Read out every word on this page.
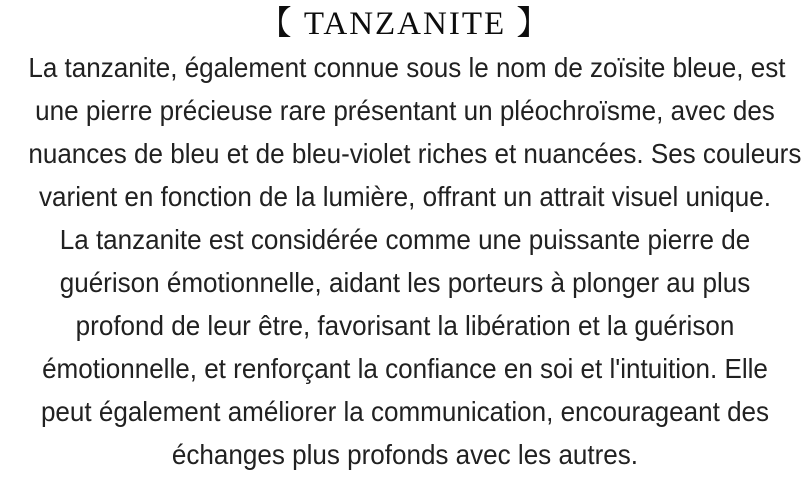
【 TANZANITE 】
La tanzanite, également connue sous le nom de zoïsite bleue, est
une pierre précieuse rare présentant un pléochroïsme, avec des
nuances de bleu et de bleu-violet riches et nuancées. Ses couleurs
varient en fonction de la lumière, offrant un attrait visuel unique.
La tanzanite est considérée comme une puissante pierre de
guérison émotionnelle, aidant les porteurs à plonger au plus
profond de leur être, favorisant la libération et la guérison
émotionnelle, et renforçant la confiance en soi et l'intuition. Elle
peut également améliorer la communication, encourageant des
échanges plus profonds avec les autres.
